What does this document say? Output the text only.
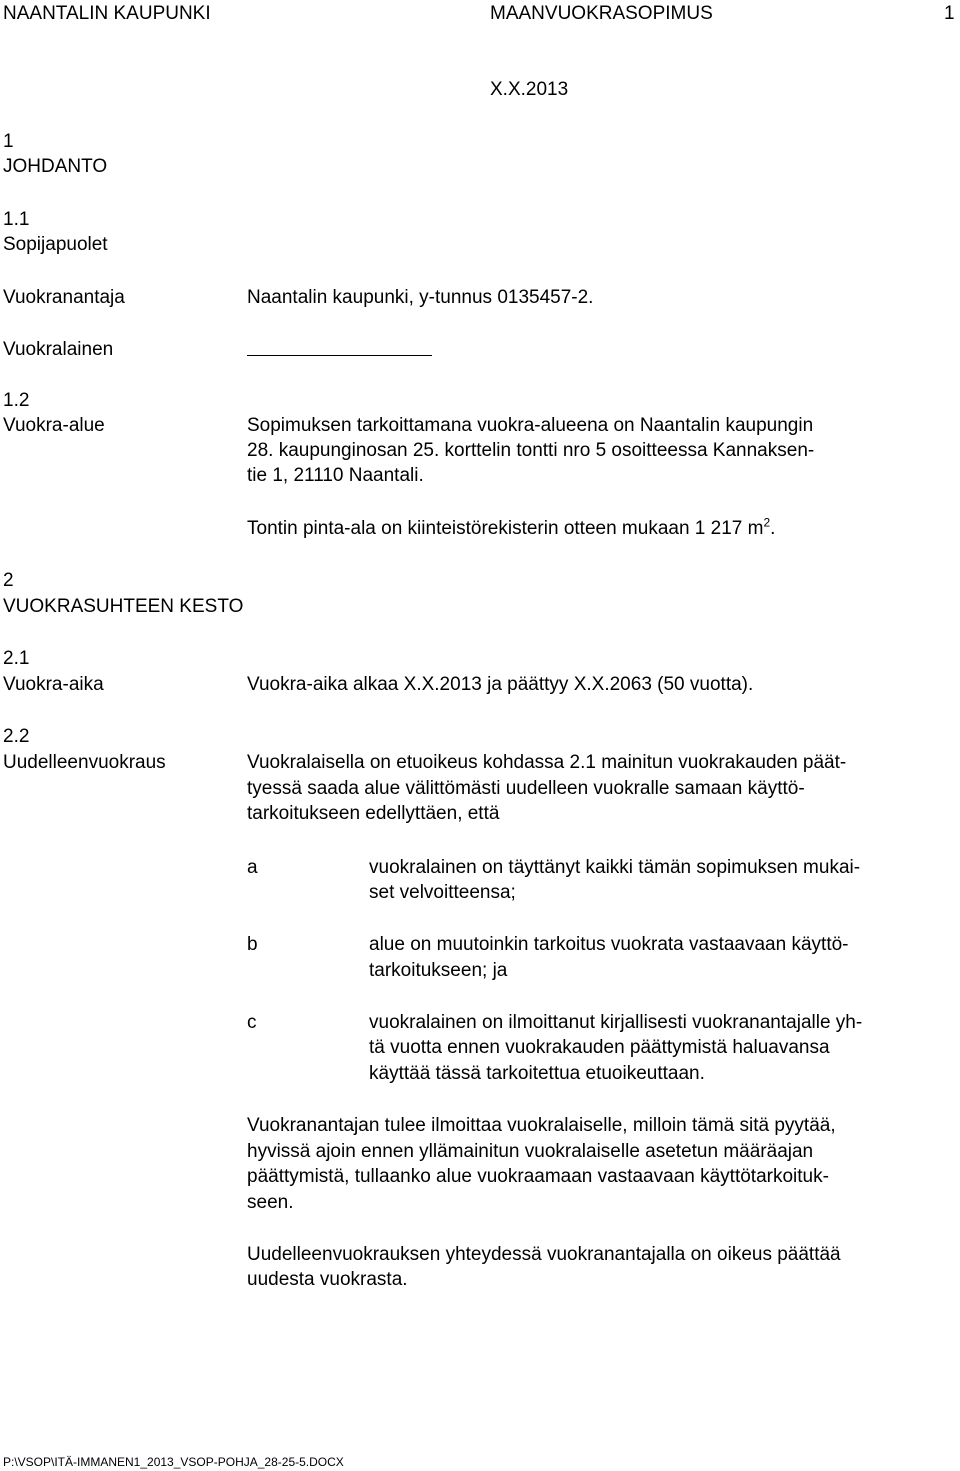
NAANTALIN KAUPUNKI	MAANVUOKRASOPIMUS	1
X.X.2013
1
JOHDANTO
1.1
Sopijapuolet
Vuokranantaja	Naantalin kaupunki, y-tunnus 0135457-2.
Vuokralainen
1.2
Vuokra-alue	Sopimuksen tarkoittamana vuokra-alueena on Naantalin kaupungin
28. kaupunginosan 25. korttelin tontti nro 5 osoitteessa Kannaksen-
tie 1, 21110 Naantali.
Tontin pinta-ala on kiinteistörekisterin otteen mukaan 1 217 $m^2$.
2
VUOKRASUHTEEN KESTO
2.1
Vuokra-aika	Vuokra-aika alkaa X.X.2013 ja päättyy X.X.2063 (50 vuotta).
2.2
Uudelleenvuokraus	Vuokralaisella on etuoikeus kohdassa 2.1 mainitun vuokrakauden päät-
tyessä saada alue välittömästi uudelleen vuokralle samaan käyttö-
tarkoitukseen edellyttäen, että
a	vuokralainen on täyttänyt kaikki tämän sopimuksen mukai-
set velvoitteensa;
b	alue on muutoinkin tarkoitus vuokrata vastaavaan käyttö-
tarkoitukseen; ja
c	vuokralainen on ilmoittanut kirjallisesti vuokranantajalle yh-
tä vuotta ennen vuokrakauden päättymistä haluavansa
käyttää tässä tarkoitettua etuoikeuttaan.
Vuokranantajan tulee ilmoittaa vuokralaiselle, milloin tämä sitä pyytää,
hyvissä ajoin ennen yllämainitun vuokralaiselle asetetun määräajan
päättymistä, tullaanko alue vuokraamaan vastaavaan käyttötarkoituk-
seen.
Uudelleenvuokrauksen yhteydessä vuokranantajalla on oikeus päättää
uudesta vuokrasta.
P:\VSOP\ITÄ-IMMANEN1_2013_VSOP-POHJA_28-25-5.DOCX
